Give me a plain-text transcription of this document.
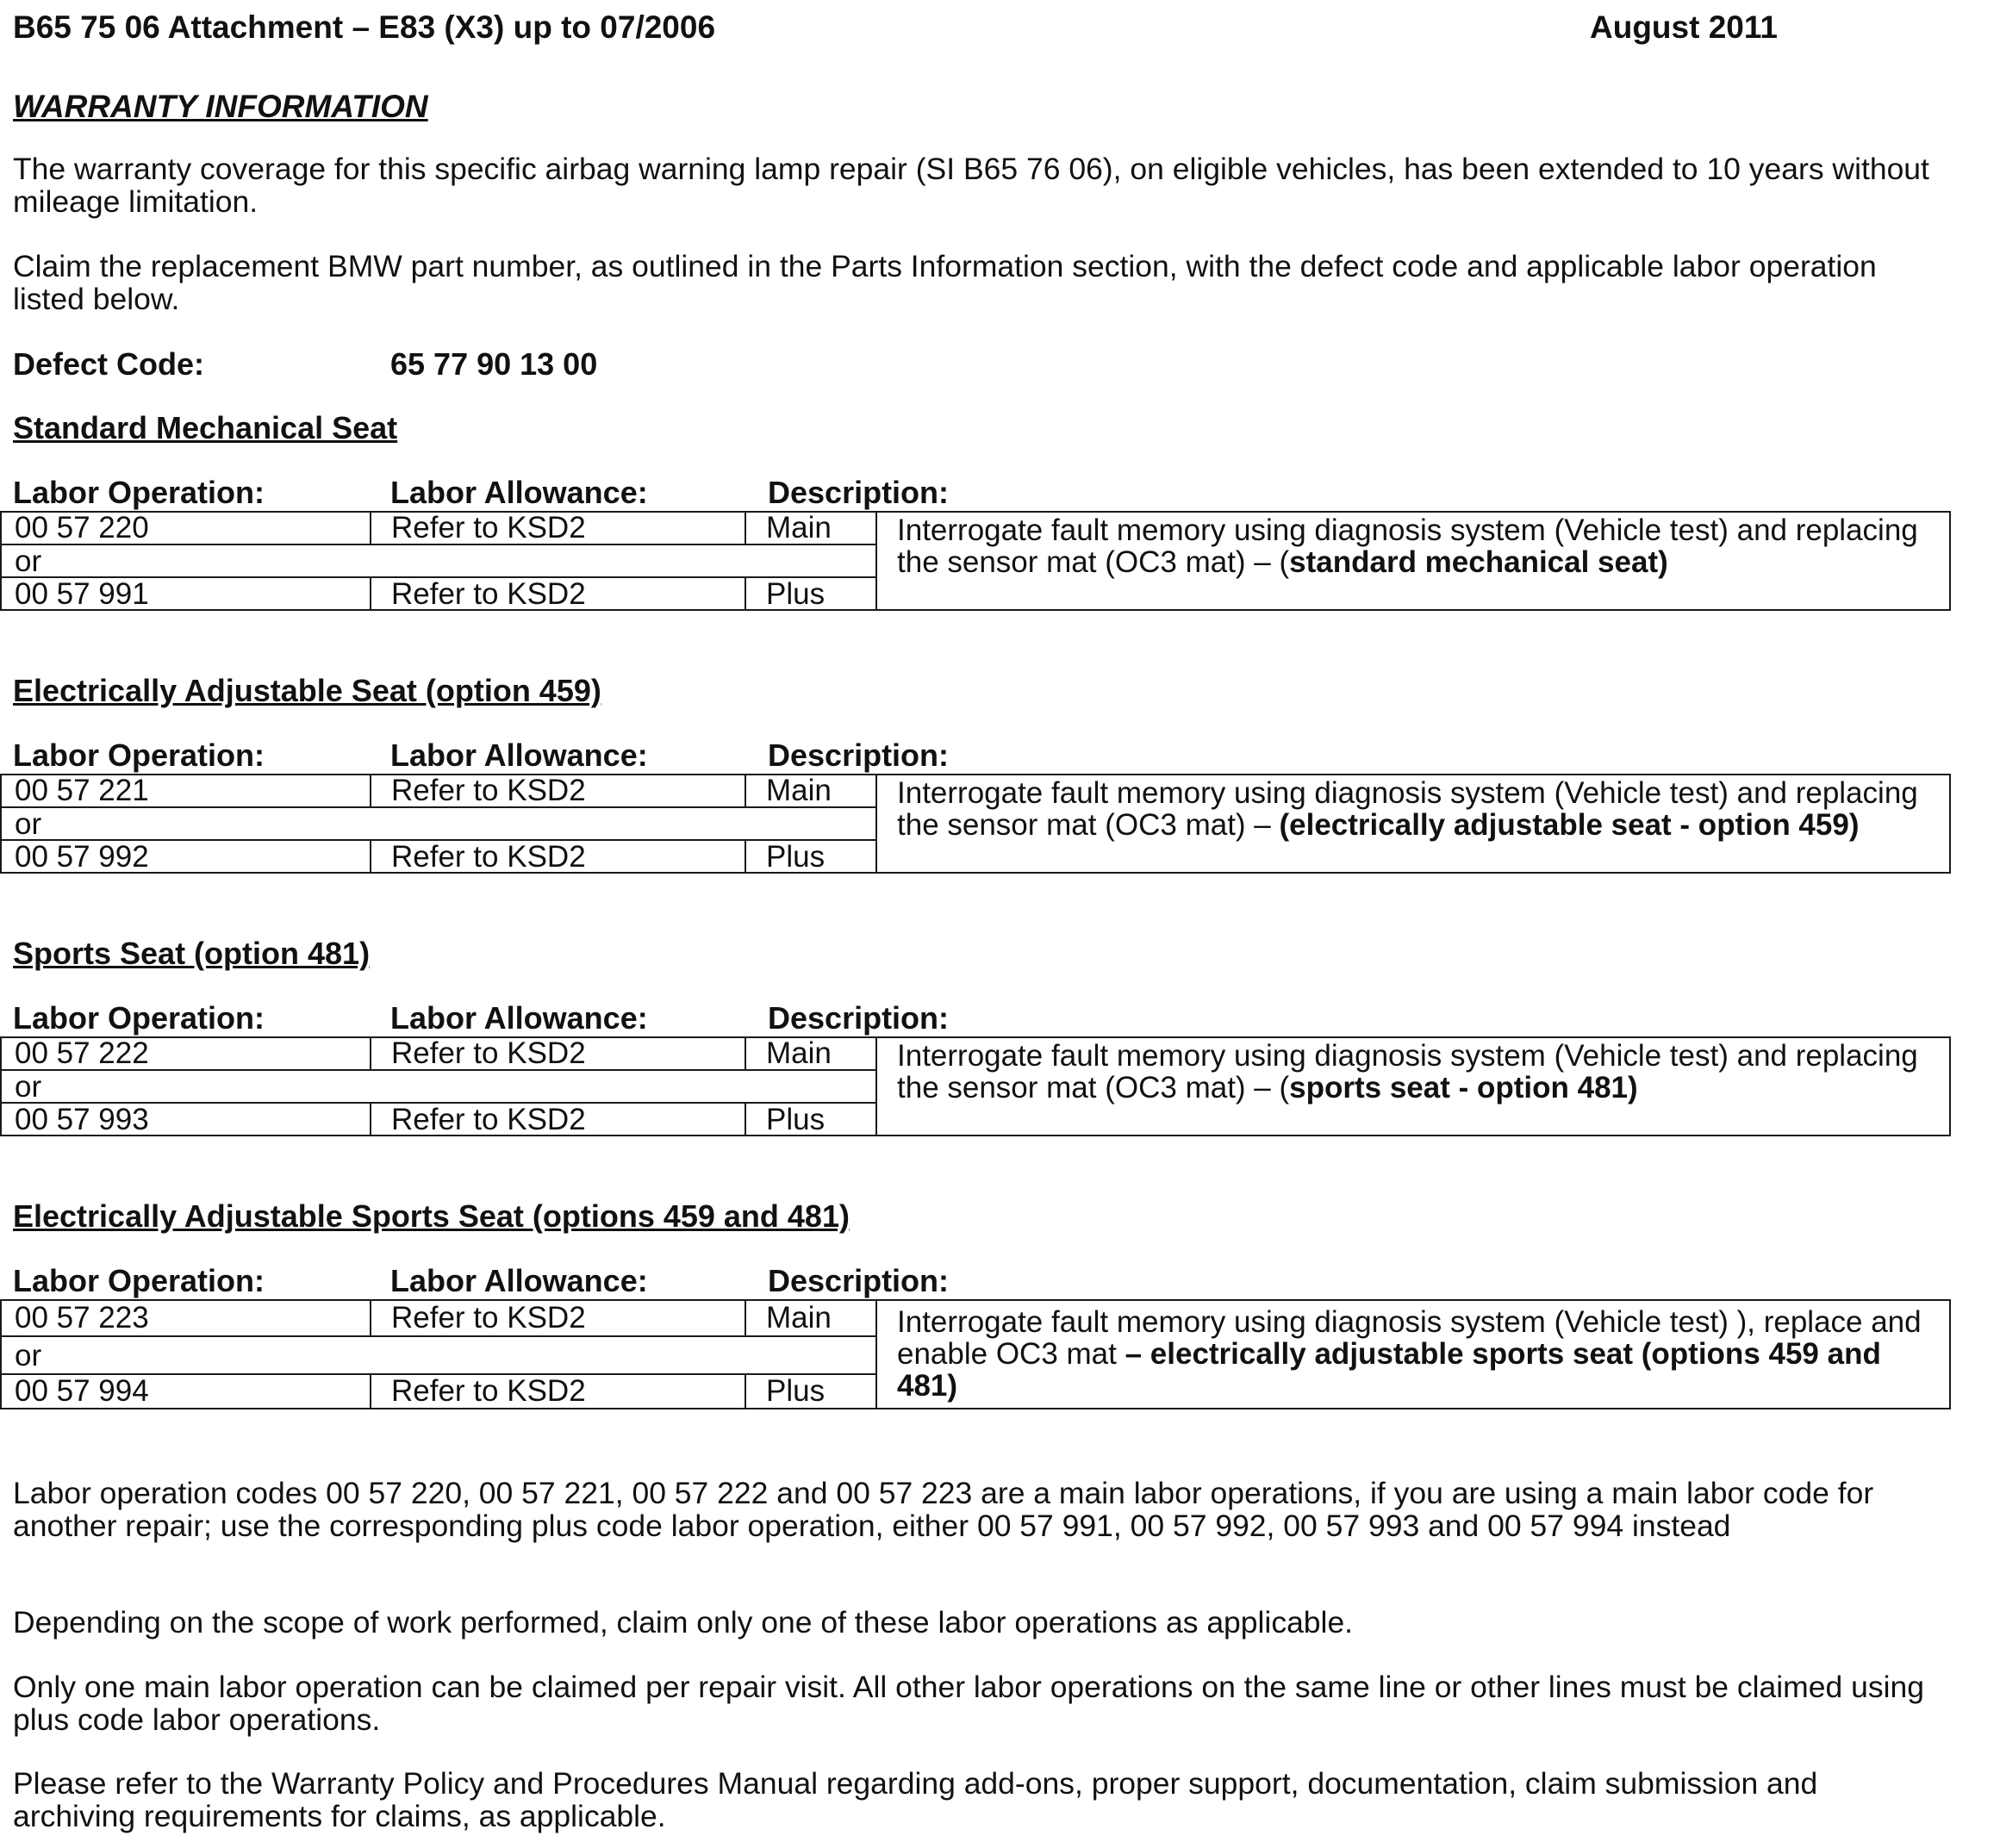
B65 75 06 Attachment – E83 (X3) up to 07/2006	August 2011
WARRANTY INFORMATION

The warranty coverage for this specific airbag warning lamp repair (SI B65 76 06), on eligible vehicles, has been extended to 10 years without mileage limitation.

Claim the replacement BMW part number, as outlined in the Parts Information section, with the defect code and applicable labor operation listed below.

Defect Code:	65 77 90 13 00
Standard Mechanical Seat
Labor Operation:	Labor Allowance:	Description:
00 57 220	Refer to KSD2	Main
or
00 57 991	Refer to KSD2	Plus
Interrogate fault memory using diagnosis system (Vehicle test) and replacing the sensor mat (OC3 mat) – (standard mechanical seat)
Electrically Adjustable Seat (option 459)
Labor Operation:	Labor Allowance:	Description:
00 57 221	Refer to KSD2	Main
or
00 57 992	Refer to KSD2	Plus
Interrogate fault memory using diagnosis system (Vehicle test) and replacing the sensor mat (OC3 mat) – (electrically adjustable seat - option 459)
Sports Seat (option 481)
Labor Operation:	Labor Allowance:	Description:
00 57 222	Refer to KSD2	Main
or
00 57 993	Refer to KSD2	Plus
Interrogate fault memory using diagnosis system (Vehicle test) and replacing the sensor mat (OC3 mat) – (sports seat - option 481)
Electrically Adjustable Sports Seat (options 459 and 481)
Labor Operation:	Labor Allowance:	Description:
00 57 223	Refer to KSD2	Main
or
00 57 994	Refer to KSD2	Plus
Interrogate fault memory using diagnosis system (Vehicle test) ), replace and enable OC3 mat – electrically adjustable sports seat (options 459 and 481)

Labor operation codes 00 57 220, 00 57 221, 00 57 222 and 00 57 223 are a main labor operations, if you are using a main labor code for another repair; use the corresponding plus code labor operation, either 00 57 991, 00 57 992, 00 57 993 and 00 57 994 instead

Depending on the scope of work performed, claim only one of these labor operations as applicable.

Only one main labor operation can be claimed per repair visit. All other labor operations on the same line or other lines must be claimed using plus code labor operations.

Please refer to the Warranty Policy and Procedures Manual regarding add-ons, proper support, documentation, claim submission and archiving requirements for claims, as applicable.
